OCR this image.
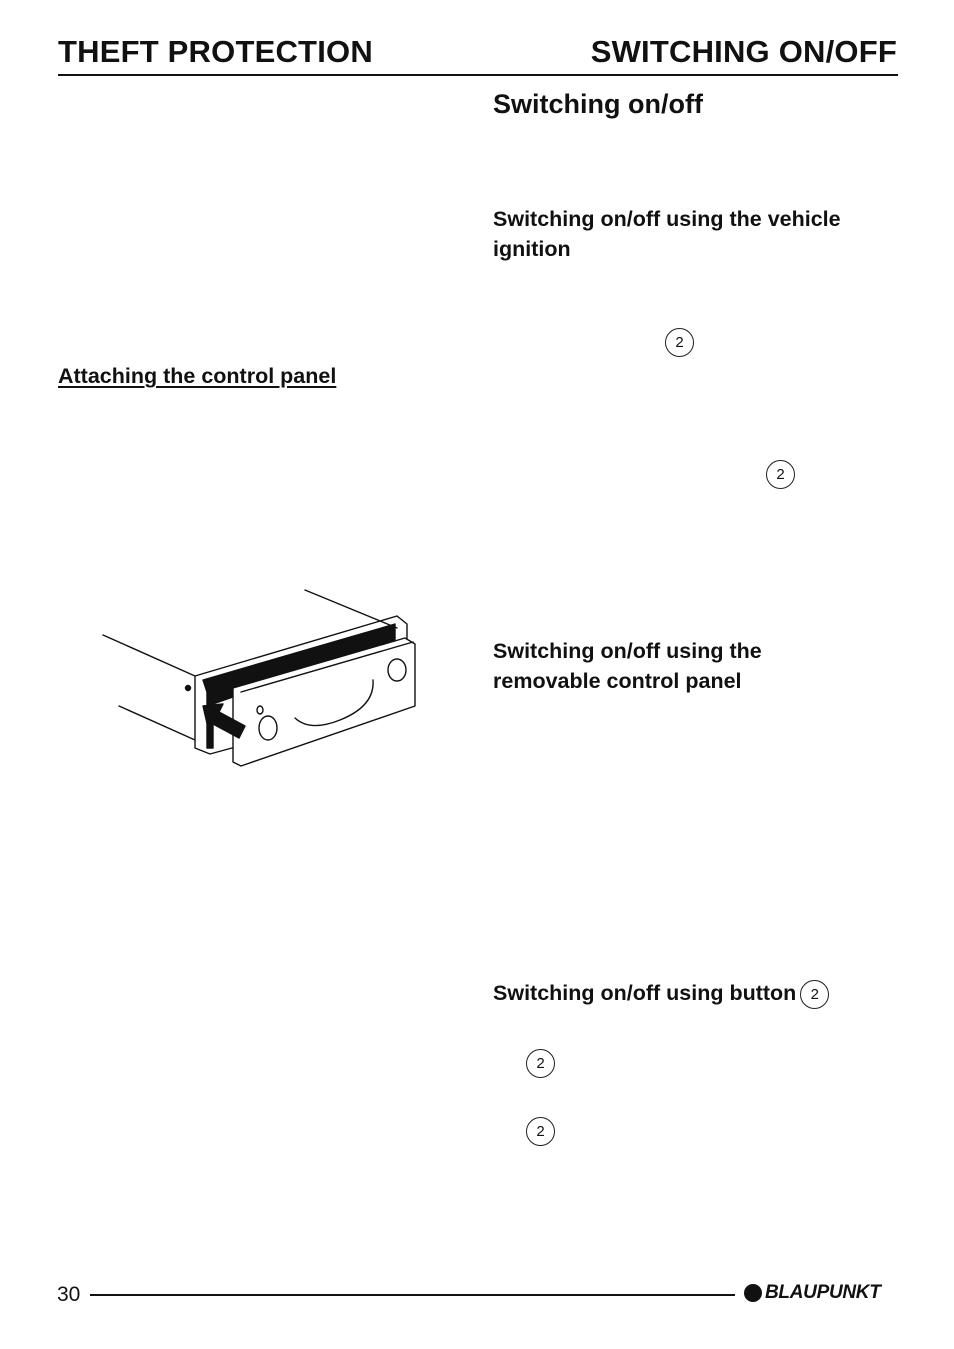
THEFT PROTECTION	SWITCHING ON/OFF
Switching on/off
Switching on/off using the vehicle ignition
2
2
Switching on/off using the removable control panel
Switching on/off using button 2
2
2
Attaching the control panel
30	BLAUPUNKT
